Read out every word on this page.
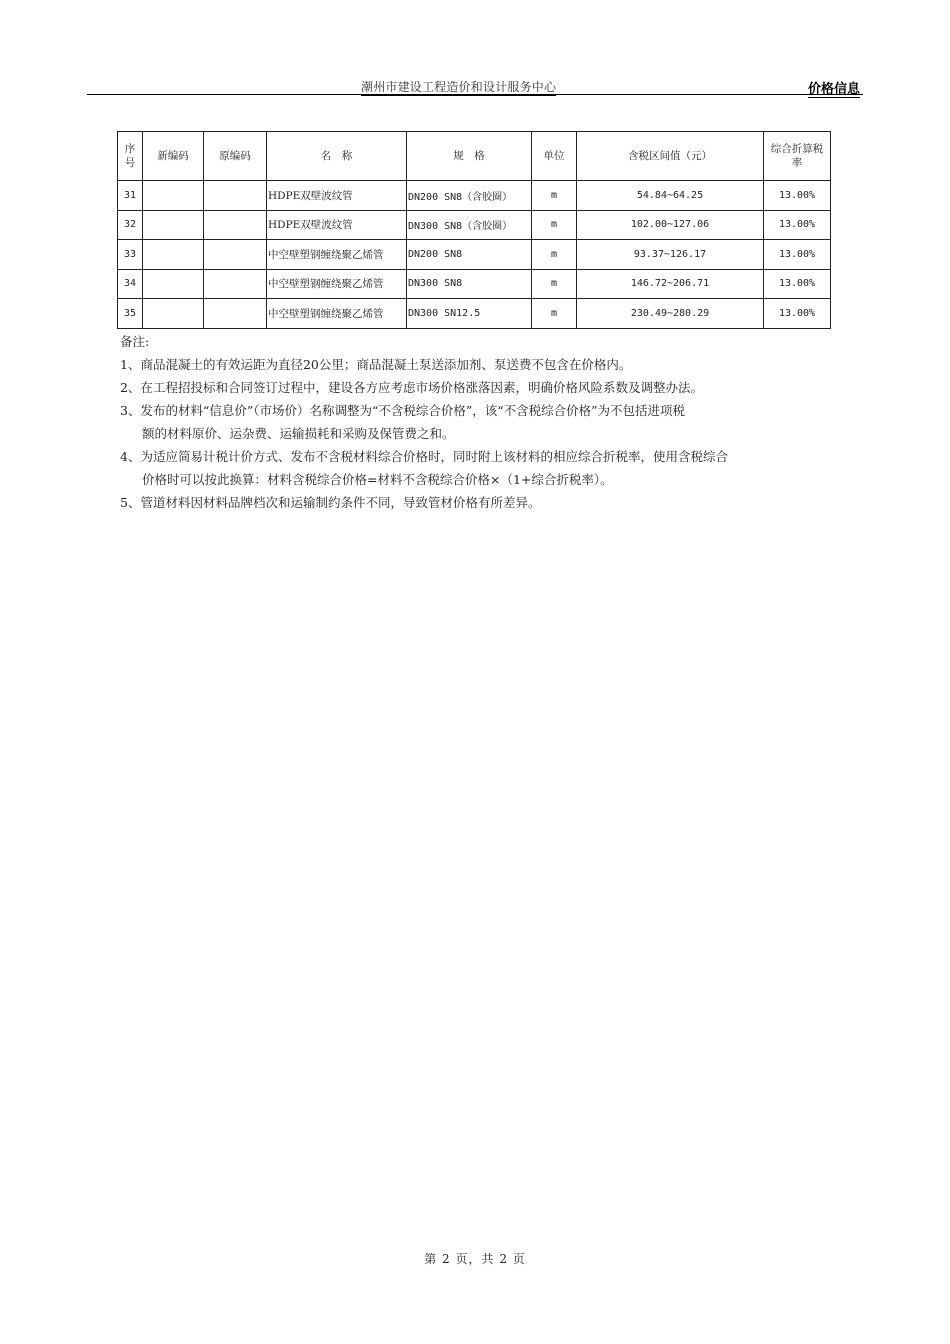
潮州市建设工程造价和设计服务中心	价格信息
序号	新编码	原编码	名　称	规　格	单位	含税区间值（元）	综合折算税率
31			HDPE双壁波纹管	DN200 SN8（含胶圈）	m	54.84~64.25	13.00%
32			HDPE双壁波纹管	DN300 SN8（含胶圈）	m	102.00~127.06	13.00%
33			中空壁塑钢缠绕聚乙烯管	DN200 SN8	m	93.37~126.17	13.00%
34			中空壁塑钢缠绕聚乙烯管	DN300 SN8	m	146.72~206.71	13.00%
35			中空壁塑钢缠绕聚乙烯管	DN300 SN12.5	m	230.49~280.29	13.00%
备注:
1、商品混凝土的有效运距为直径20公里；商品混凝土泵送添加剂、泵送费不包含在价格内。
2、在工程招投标和合同签订过程中，建设各方应考虑市场价格涨落因素，明确价格风险系数及调整办法。
3、发布的材料“信息价”（市场价）名称调整为“不含税综合价格”，该“不含税综合价格”为不包括进项税
额的材料原价、运杂费、运输损耗和采购及保管费之和。
4、为适应简易计税计价方式、发布不含税材料综合价格时，同时附上该材料的相应综合折税率，使用含税综合
价格时可以按此换算：材料含税综合价格=材料不含税综合价格×（1+综合折税率）。
5、管道材料因材料品牌档次和运输制约条件不同，导致管材价格有所差异。
第 2 页，共 2 页
